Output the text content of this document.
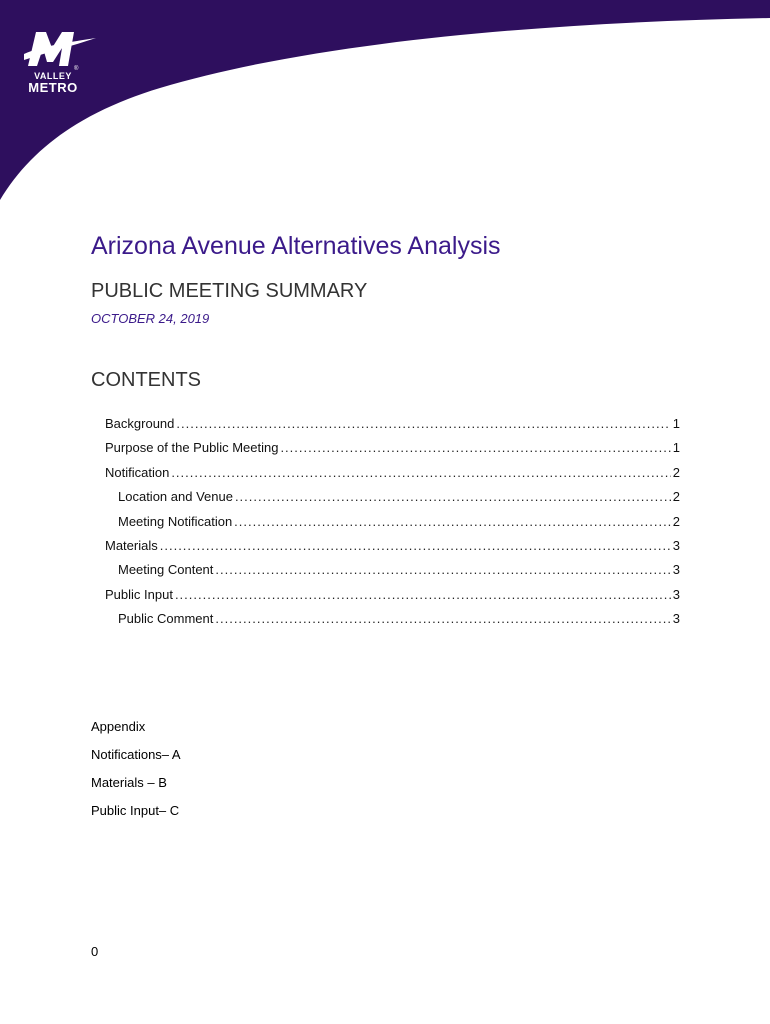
®
VALLEY
METRO
Arizona Avenue Alternatives Analysis
PUBLIC MEETING SUMMARY
OCTOBER 24, 2019
CONTENTS
Background .....	1
Purpose of the Public Meeting .....	1
Notification .....	2
Location and Venue .....	2
Meeting Notification .....	2
Materials .....	3
Meeting Content .....	3
Public Input .....	3
Public Comment .....	3
Appendix
Notifications– A
Materials – B
Public Input– C
0
